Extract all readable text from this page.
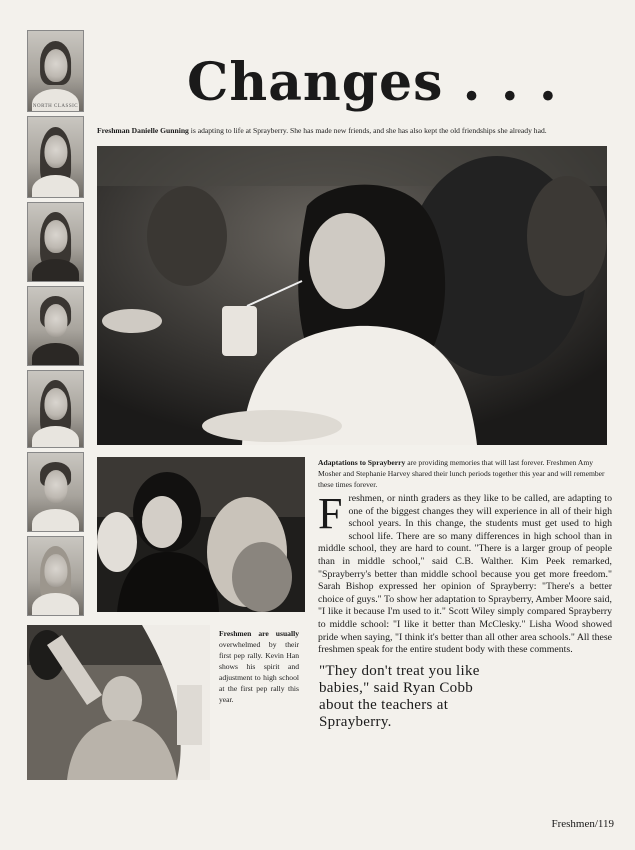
NORTH CLASSIC Changes . . .

Freshman Danielle Gunning is adapting to life at Sprayberry. She has made new friends, and she has also kept the old friendships she already had.

Adaptations to Sprayberry are providing memories that will last forever. Freshmen Amy Mosher and Stephanie Harvey shared their lunch periods together this year and will remember these times forever.

Freshmen, or ninth graders as they like to be called, are adapting to one of the biggest changes they will experience in all of their high school years. In this change, the students must get used to high school life. There are so many differences in high school than in middle school, they are hard to count. "There is a larger group of people than in middle school," said C.B. Walther. Kim Peek remarked, "Sprayberry's better than middle school because you get more freedom." Sarah Bishop expressed her opinion of Sprayberry: "There's a better choice of guys." To show her adaptation to Sprayberry, Amber Moore said, "I like it because I'm used to it." Scott Wiley simply compared Sprayberry to middle school: "I like it better than McClesky." Lisha Wood showed pride when saying, "I think it's better than all other area schools." All these freshmen speak for the entire student body with these comments.

Freshmen are usually overwhelmed by their first pep rally. Kevin Han shows his spirit and adjustment to high school at the first pep rally this year.

"They don't treat you like babies," said Ryan Cobb about the teachers at Sprayberry.

Freshmen/119
